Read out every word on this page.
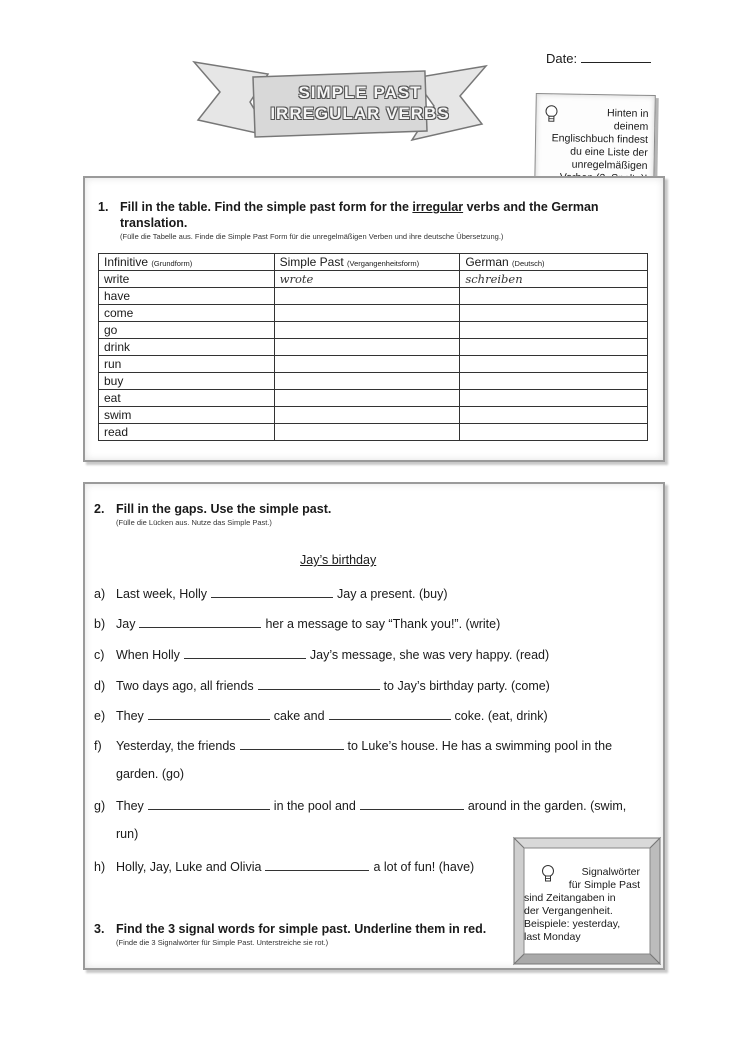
Date:
SIMPLE PAST
IRREGULAR VERBS	Hinten in
deinem
Englischbuch findest
du eine Liste der
unregelmäßigen
1. Fill in the table. Find the simple past form for the irregular verbs and the German
translation.
(Fülle die Tabelle aus. Finde die Simple Past Form für die unregelmäßigen Verben und ihre deutsche Übersetzung.)
Infinitive (Grundform)	Simple Past (Vergangenheitsform)	German (Deutsch)
write	wrote	schreiben
have		
come		
go		
drink		
run		
buy		
eat		
swim		
read		
2. Fill in the gaps. Use the simple past.
(Fülle die Lücken aus. Nutze das Simple Past.)
Jay’s birthday
a) Last week, Holly	Jay a present. (buy)
b) Jay	her a message to say “Thank you!”. (write)
c) When Holly	Jay’s message, she was very happy. (read)
d) Two days ago, all friends	to Jay’s birthday party. (come)
e) They	cake and	coke. (eat, drink)
f) Yesterday, the friends	to Luke’s house. He has a swimming pool in the
garden. (go)
g) They	in the pool and	around in the garden. (swim,
run)
h) Holly, Jay, Luke and Olivia	a lot of fun! (have)
3. Find the 3 signal words for simple past. Underline them in red.
(Finde die 3 Signalwörter für Simple Past. Unterstreiche sie rot.)
Signalwörter
für Simple Past
sind Zeitangaben in
der Vergangenheit.
Beispiele: yesterday,
last Monday
